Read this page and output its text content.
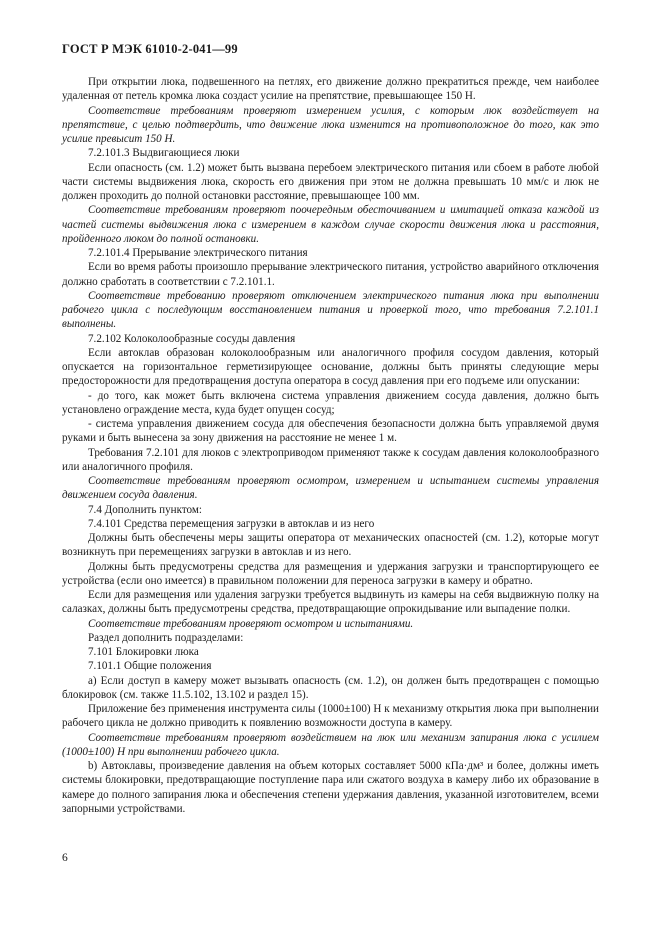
ГОСТ Р МЭК 61010-2-041—99

При открытии люка, подвешенного на петлях, его движение должно прекратиться прежде, чем наиболее удаленная от петель кромка люка создаст усилие на препятствие, превышающее 150 Н.

Соответствие требованиям проверяют измерением усилия, с которым люк воздействует на препятствие, с целью подтвердить, что движение люка изменится на противоположное до того, как это усилие превысит 150 Н.

7.2.101.3 Выдвигающиеся люки

Если опасность (см. 1.2) может быть вызвана перебоем электрического питания или сбоем в работе любой части системы выдвижения люка, скорость его движения при этом не должна превышать 10 мм/с и люк не должен проходить до полной остановки расстояние, превышающее 100 мм.

Соответствие требованиям проверяют поочередным обесточиванием и имитацией отказа каждой из частей системы выдвижения люка с измерением в каждом случае скорости движения люка и расстояния, пройденного люком до полной остановки.

7.2.101.4 Прерывание электрического питания

Если во время работы произошло прерывание электрического питания, устройство аварийного отключения должно сработать в соответствии с 7.2.101.1.

Соответствие требованию проверяют отключением электрического питания люка при выполнении рабочего цикла с последующим восстановлением питания и проверкой того, что требования 7.2.101.1 выполнены.

7.2.102 Колоколообразные сосуды давления

Если автоклав образован колоколообразным или аналогичного профиля сосудом давления, который опускается на горизонтальное герметизирующее основание, должны быть приняты следующие меры предосторожности для предотвращения доступа оператора в сосуд давления при его подъеме или опускании:

- до того, как может быть включена система управления движением сосуда давления, должно быть установлено ограждение места, куда будет опущен сосуд;

- система управления движением сосуда для обеспечения безопасности должна быть управляемой двумя руками и быть вынесена за зону движения на расстояние не менее 1 м.

Требования 7.2.101 для люков с электроприводом применяют также к сосудам давления колоколообразного или аналогичного профиля.

Соответствие требованиям проверяют осмотром, измерением и испытанием системы управления движением сосуда давления.

7.4 Дополнить пунктом:

7.4.101 Средства перемещения загрузки в автоклав и из него

Должны быть обеспечены меры защиты оператора от механических опасностей (см. 1.2), которые могут возникнуть при перемещениях загрузки в автоклав и из него.

Должны быть предусмотрены средства для размещения и удержания загрузки и транспортирующего ее устройства (если оно имеется) в правильном положении для переноса загрузки в камеру и обратно.

Если для размещения или удаления загрузки требуется выдвинуть из камеры на себя выдвижную полку на салазках, должны быть предусмотрены средства, предотвращающие опрокидывание или выпадение полки.

Соответствие требованиям проверяют осмотром и испытаниями.

Раздел дополнить подразделами:

7.101 Блокировки люка

7.101.1 Общие положения

a) Если доступ в камеру может вызывать опасность (см. 1.2), он должен быть предотвращен с помощью блокировок (см. также 11.5.102, 13.102 и раздел 15).

Приложение без применения инструмента силы (1000±100) Н к механизму открытия люка при выполнении рабочего цикла не должно приводить к появлению возможности доступа в камеру.

Соответствие требованиям проверяют воздействием на люк или механизм запирания люка с усилием (1000±100) Н при выполнении рабочего цикла.

b) Автоклавы, произведение давления на объем которых составляет 5000 кПа·дм³ и более, должны иметь системы блокировки, предотвращающие поступление пара или сжатого воздуха в камеру либо их образование в камере до полного запирания люка и обеспечения степени удержания давления, указанной изготовителем, всеми запорными устройствами.

6
